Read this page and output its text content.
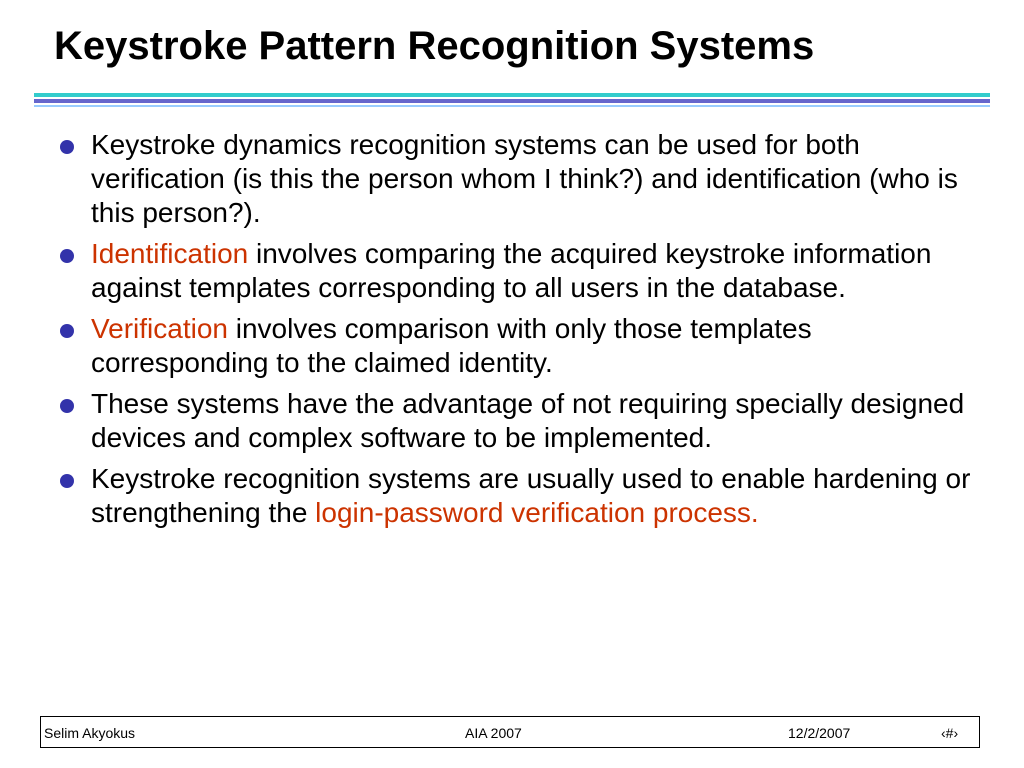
Keystroke Pattern Recognition Systems
Keystroke dynamics recognition systems can be used for both verification (is this the person whom I think?) and identification (who is this person?).
Identification involves comparing the acquired keystroke information against templates corresponding to all users in the database.
Verification involves comparison with only those templates corresponding to the claimed identity.
These systems have the advantage of not requiring specially designed devices and complex software to be implemented.
Keystroke recognition systems are usually used to enable hardening or strengthening the login-password verification process.
Selim Akyokus	AIA 2007	12/2/2007	‹#›
